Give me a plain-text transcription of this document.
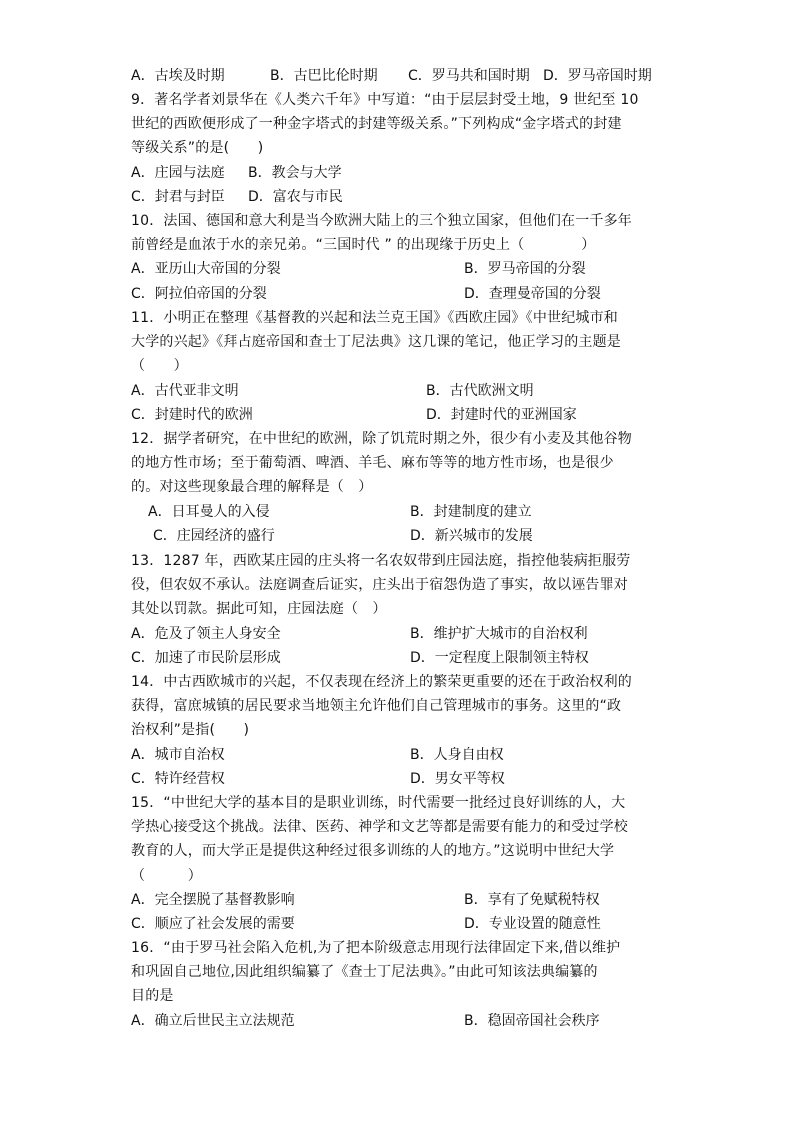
A．古埃及时期	B．古巴比伦时期 C．罗马共和国时期 D．罗马帝国时期
9．著名学者刘景华在《人类六千年》中写道：“由于层层封受土地，9 世纪至 10
世纪的西欧便形成了一种金字塔式的封建等级关系。”下列构成“金字塔式的封建
等级关系”的是(　　)
A．庄园与法庭 B．教会与大学
C．封君与封臣 D．富农与市民
10．法国、德国和意大利是当今欧洲大陆上的三个独立国家，但他们在一千多年
前曾经是血浓于水的亲兄弟。“三国时代 ” 的出现缘于历史上（　　　　）
A．亚历山大帝国的分裂	B．罗马帝国的分裂
C．阿拉伯帝国的分裂	D．查理曼帝国的分裂
11．小明正在整理《基督教的兴起和法兰克王国》《西欧庄园》《中世纪城市和
大学的兴起》《拜占庭帝国和查士丁尼法典》这几课的笔记，他正学习的主题是
（　　）
A．古代亚非文明	B．古代欧洲文明
C．封建时代的欧洲	D．封建时代的亚洲国家
12．据学者研究，在中世纪的欧洲，除了饥荒时期之外，很少有小麦及其他谷物
的地方性市场；至于葡萄酒、啤酒、羊毛、麻布等等的地方性市场，也是很少
的。对这些现象最合理的解释是（　）
A．日耳曼人的入侵	B．封建制度的建立
C．庄园经济的盛行	D．新兴城市的发展
13．1287 年，西欧某庄园的庄头将一名农奴带到庄园法庭，指控他装病拒服劳
役，但农奴不承认。法庭调查后证实，庄头出于宿怨伪造了事实，故以诬告罪对
其处以罚款。据此可知，庄园法庭（　）
A．危及了领主人身安全	B．维护扩大城市的自治权利
C．加速了市民阶层形成	D．一定程度上限制领主特权
14．中古西欧城市的兴起，不仅表现在经济上的繁荣更重要的还在于政治权利的
获得，富庶城镇的居民要求当地领主允许他们自己管理城市的事务。这里的“政
治权利”是指(　　)
A．城市自治权	B．人身自由权
C．特许经营权	D．男女平等权
15．“中世纪大学的基本目的是职业训练，时代需要一批经过良好训练的人，大
学热心接受这个挑战。法律、医药、神学和文艺等都是需要有能力的和受过学校
教育的人，而大学正是提供这种经过很多训练的人的地方。”这说明中世纪大学
（　　　）
A．完全摆脱了基督教影响	B．享有了免赋税特权
C．顺应了社会发展的需要	D．专业设置的随意性
16．“由于罗马社会陷入危机,为了把本阶级意志用现行法律固定下来,借以维护
和巩固自己地位,因此组织编纂了《查士丁尼法典》。”由此可知该法典编纂的
目的是
A．确立后世民主立法规范	B．稳固帝国社会秩序
